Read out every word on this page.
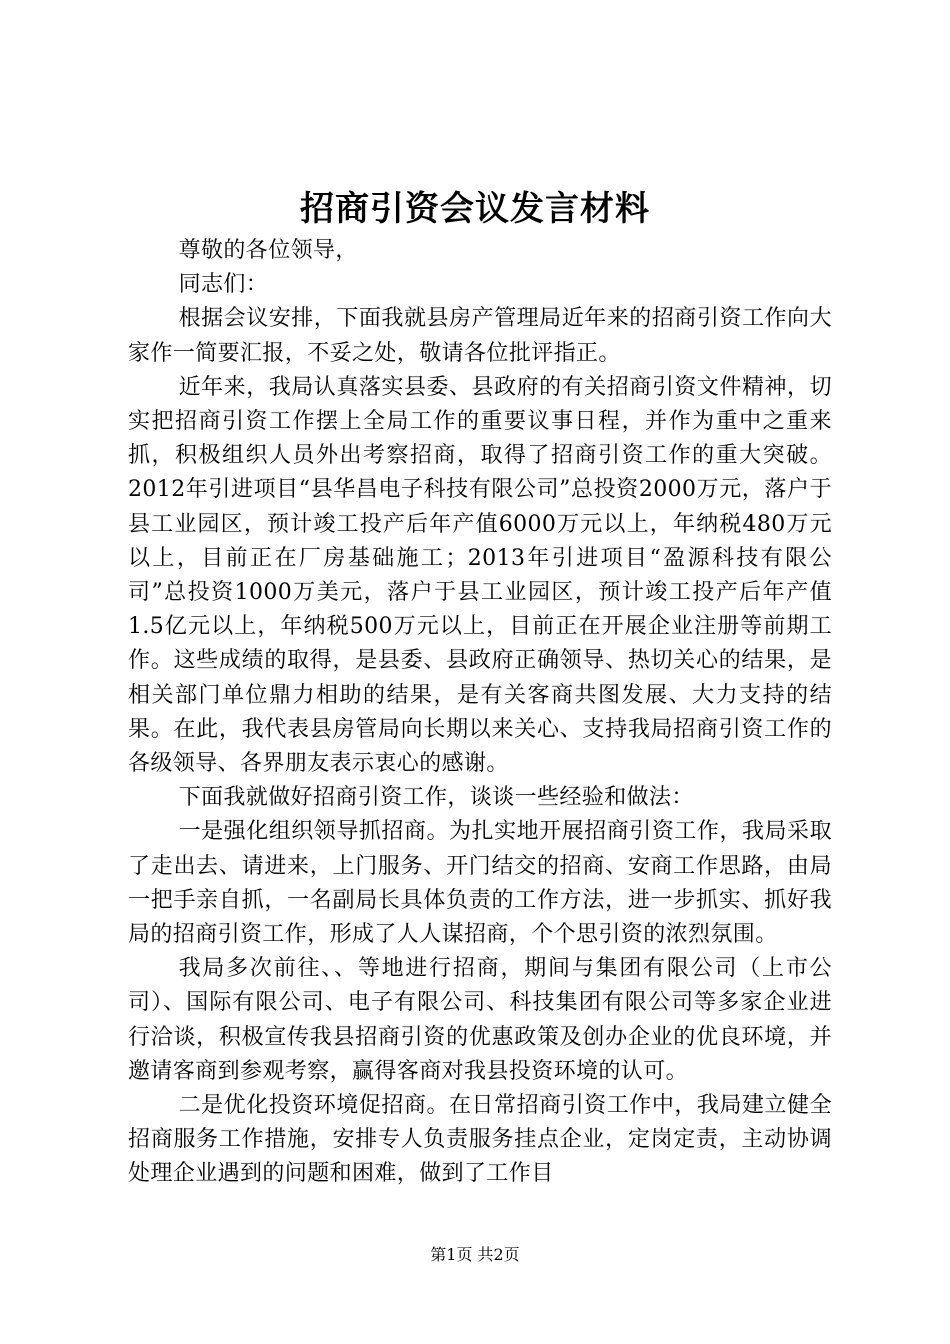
招商引资会议发言材料

尊敬的各位领导，

同志们：

根据会议安排，下面我就县房产管理局近年来的招商引资工作向大家作一简要汇报，不妥之处，敬请各位批评指正。

近年来，我局认真落实县委、县政府的有关招商引资文件精神，切实把招商引资工作摆上全局工作的重要议事日程，并作为重中之重来抓，积极组织人员外出考察招商，取得了招商引资工作的重大突破。2012年引进项目“县华昌电子科技有限公司”总投资2000万元，落户于县工业园区，预计竣工投产后年产值6000万元以上，年纳税480万元以上，目前正在厂房基础施工；2013年引进项目“盈源科技有限公司”总投资1000万美元，落户于县工业园区，预计竣工投产后年产值1.5亿元以上，年纳税500万元以上，目前正在开展企业注册等前期工作。这些成绩的取得，是县委、县政府正确领导、热切关心的结果，是相关部门单位鼎力相助的结果，是有关客商共图发展、大力支持的结果。在此，我代表县房管局向长期以来关心、支持我局招商引资工作的各级领导、各界朋友表示衷心的感谢。

下面我就做好招商引资工作，谈谈一些经验和做法：

一是强化组织领导抓招商。为扎实地开展招商引资工作，我局采取了走出去、请进来，上门服务、开门结交的招商、安商工作思路，由局一把手亲自抓，一名副局长具体负责的工作方法，进一步抓实、抓好我局的招商引资工作，形成了人人谋招商，个个思引资的浓烈氛围。

我局多次前往、、等地进行招商，期间与集团有限公司（上市公司）、国际有限公司、电子有限公司、科技集团有限公司等多家企业进行洽谈，积极宣传我县招商引资的优惠政策及创办企业的优良环境，并邀请客商到参观考察，赢得客商对我县投资环境的认可。

二是优化投资环境促招商。在日常招商引资工作中，我局建立健全招商服务工作措施，安排专人负责服务挂点企业，定岗定责，主动协调处理企业遇到的问题和困难，做到了工作目

第1页 共2页
